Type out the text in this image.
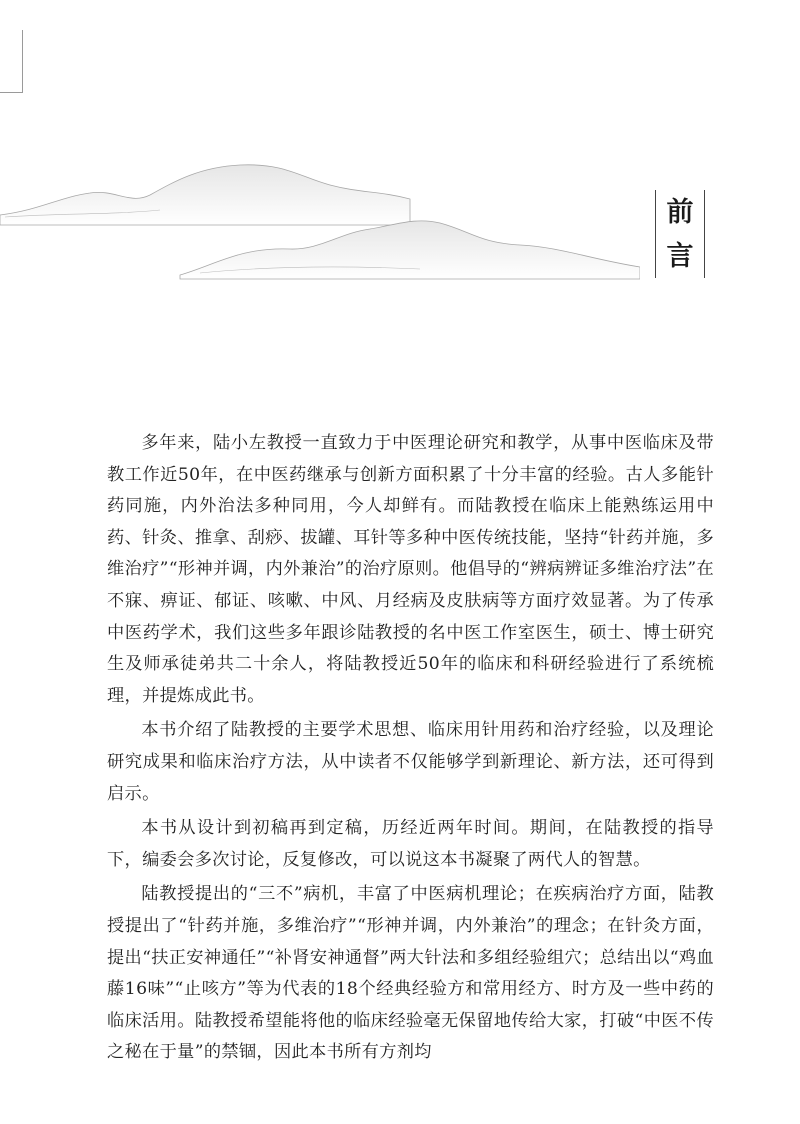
前
言

多年来，陆小左教授一直致力于中医理论研究和教学，从事中医临床及带教工作近50年，在中医药继承与创新方面积累了十分丰富的经验。古人多能针药同施，内外治法多种同用，今人却鲜有。而陆教授在临床上能熟练运用中药、针灸、推拿、刮痧、拔罐、耳针等多种中医传统技能，坚持“针药并施，多维治疗”“形神并调，内外兼治”的治疗原则。他倡导的“辨病辨证多维治疗法”在不寐、痹证、郁证、咳嗽、中风、月经病及皮肤病等方面疗效显著。为了传承中医药学术，我们这些多年跟诊陆教授的名中医工作室医生，硕士、博士研究生及师承徒弟共二十余人，将陆教授近50年的临床和科研经验进行了系统梳理，并提炼成此书。

本书介绍了陆教授的主要学术思想、临床用针用药和治疗经验，以及理论研究成果和临床治疗方法，从中读者不仅能够学到新理论、新方法，还可得到启示。

本书从设计到初稿再到定稿，历经近两年时间。期间，在陆教授的指导下，编委会多次讨论，反复修改，可以说这本书凝聚了两代人的智慧。

陆教授提出的“三不”病机，丰富了中医病机理论；在疾病治疗方面，陆教授提出了“针药并施，多维治疗”“形神并调，内外兼治”的理念；在针灸方面，提出“扶正安神通任”“补肾安神通督”两大针法和多组经验组穴；总结出以“鸡血藤16味”“止咳方”等为代表的18个经典经验方和常用经方、时方及一些中药的临床活用。陆教授希望能将他的临床经验毫无保留地传给大家，打破“中医不传之秘在于量”的禁锢，因此本书所有方剂均
